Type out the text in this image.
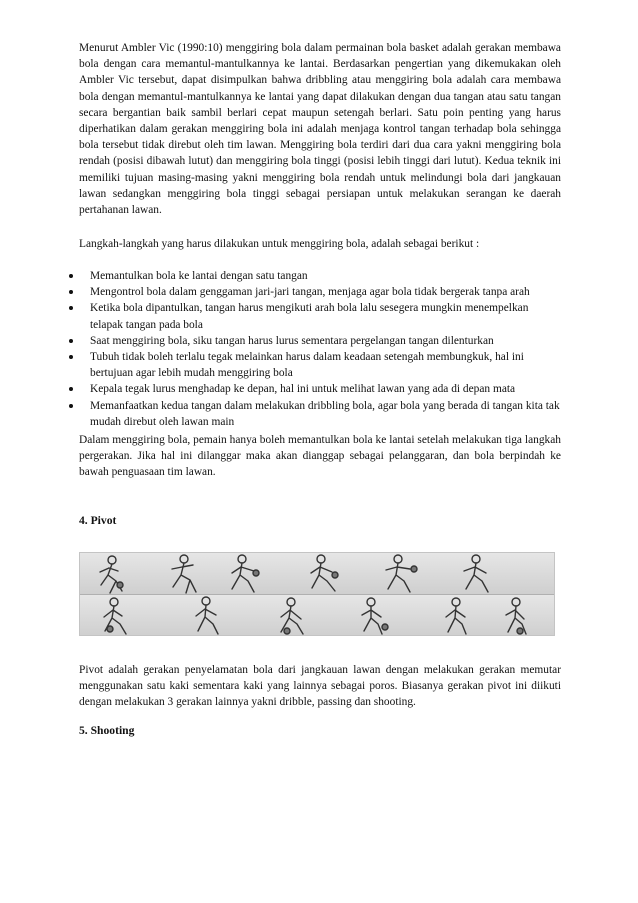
Menurut Ambler Vic (1990:10) menggiring bola dalam permainan bola basket adalah gerakan membawa bola dengan cara memantul-mantulkannya ke lantai. Berdasarkan pengertian yang dikemukakan oleh Ambler Vic tersebut, dapat disimpulkan bahwa dribbling atau menggiring bola adalah cara membawa bola dengan memantul-mantulkannya ke lantai yang dapat dilakukan dengan dua tangan atau satu tangan secara bergantian baik sambil berlari cepat maupun setengah berlari. Satu poin penting yang harus diperhatikan dalam gerakan menggiring bola ini adalah menjaga kontrol tangan terhadap bola sehingga bola tersebut tidak direbut oleh tim lawan. Menggiring bola terdiri dari dua cara yakni menggiring bola rendah (posisi dibawah lutut) dan menggiring bola tinggi (posisi lebih tinggi dari lutut). Kedua teknik ini memiliki tujuan masing-masing yakni menggiring bola rendah untuk melindungi bola dari jangkauan lawan sedangkan menggiring bola tinggi sebagai persiapan untuk melakukan serangan ke daerah pertahanan lawan.

Langkah-langkah yang harus dilakukan untuk menggiring bola, adalah sebagai berikut :

Memantulkan bola ke lantai dengan satu tangan
Mengontrol bola dalam genggaman jari-jari tangan, menjaga agar bola tidak bergerak tanpa arah
Ketika bola dipantulkan, tangan harus mengikuti arah bola lalu sesegera mungkin menempelkan telapak tangan pada bola
Saat menggiring bola, siku tangan harus lurus sementara pergelangan tangan dilenturkan
Tubuh tidak boleh terlalu tegak melainkan harus dalam keadaan setengah membungkuk, hal ini bertujuan agar lebih mudah menggiring bola
Kepala tegak lurus menghadap ke depan, hal ini untuk melihat lawan yang ada di depan mata
Memanfaatkan kedua tangan dalam melakukan dribbling bola, agar bola yang berada di tangan kita tak mudah direbut oleh lawan main

Dalam menggiring bola, pemain hanya boleh memantulkan bola ke lantai setelah melakukan tiga langkah pergerakan. Jika hal ini dilanggar maka akan dianggap sebagai pelanggaran, dan bola berpindah ke bawah penguasaan tim lawan.

4. Pivot

Pivot adalah gerakan penyelamatan bola dari jangkauan lawan dengan melakukan gerakan memutar menggunakan satu kaki sementara kaki yang lainnya sebagai poros. Biasanya gerakan pivot ini diikuti dengan melakukan 3 gerakan lainnya yakni dribble, passing dan shooting.

5. Shooting
